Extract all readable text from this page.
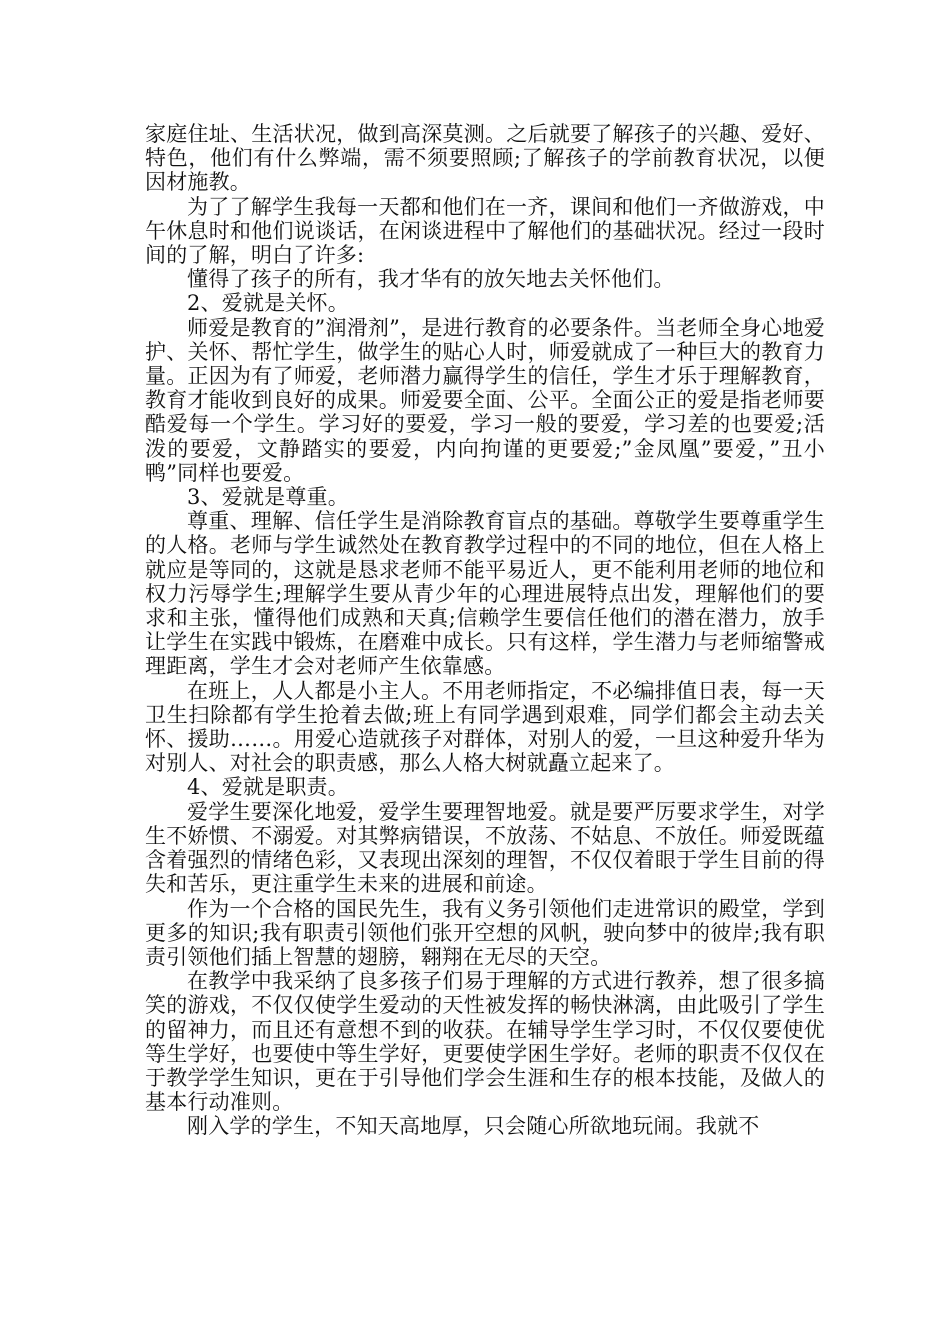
家庭住址、生活状况，做到高深莫测。之后就要了解孩子的兴趣、爱好、特色，他们有什么弊端，需不须要照顾;了解孩子的学前教育状况，以便因材施教。

为了了解学生我每一天都和他们在一齐，课间和他们一齐做游戏，中午休息时和他们说谈话，在闲谈进程中了解他们的基础状况。经过一段时间的了解，明白了许多:

懂得了孩子的所有，我才华有的放矢地去关怀他们。

2、爱就是关怀。

师爱是教育的”润滑剂”，是进行教育的必要条件。当老师全身心地爱护、关怀、帮忙学生，做学生的贴心人时，师爱就成了一种巨大的教育力量。正因为有了师爱，老师潜力赢得学生的信任，学生才乐于理解教育，教育才能收到良好的成果。师爱要全面、公平。全面公正的爱是指老师要酷爱每一个学生。学习好的要爱，学习一般的要爱，学习差的也要爱;活泼的要爱，文静踏实的要爱，内向拘谨的更要爱;”金凤凰”要爱，”丑小鸭”同样也要爱。

3、爱就是尊重。

尊重、理解、信任学生是消除教育盲点的基础。尊敬学生要尊重学生的人格。老师与学生诚然处在教育教学过程中的不同的地位，但在人格上就应是等同的，这就是恳求老师不能平易近人，更不能利用老师的地位和权力污辱学生;理解学生要从青少年的心理进展特点出发，理解他们的要求和主张，懂得他们成熟和天真;信赖学生要信任他们的潜在潜力，放手让学生在实践中锻炼，在磨难中成长。只有这样，学生潜力与老师缩警戒理距离，学生才会对老师产生依靠感。

在班上，人人都是小主人。不用老师指定，不必编排值日表，每一天卫生扫除都有学生抢着去做;班上有同学遇到艰难，同学们都会主动去关怀、援助……。用爱心造就孩子对群体，对别人的爱，一旦这种爱升华为对别人、对社会的职责感，那么人格大树就矗立起来了。

4、爱就是职责。

爱学生要深化地爱，爱学生要理智地爱。就是要严厉要求学生，对学生不娇惯、不溺爱。对其弊病错误，不放荡、不姑息、不放任。师爱既蕴含着强烈的情绪色彩，又表现出深刻的理智，不仅仅着眼于学生目前的得失和苦乐，更注重学生未来的进展和前途。

作为一个合格的国民先生，我有义务引领他们走进常识的殿堂，学到更多的知识;我有职责引领他们张开空想的风帆，驶向梦中的彼岸;我有职责引领他们插上智慧的翅膀，翱翔在无尽的天空。

在教学中我采纳了良多孩子们易于理解的方式进行教养，想了很多搞笑的游戏，不仅仅使学生爱动的天性被发挥的畅快淋漓，由此吸引了学生的留神力，而且还有意想不到的收获。在辅导学生学习时，不仅仅要使优等生学好，也要使中等生学好，更要使学困生学好。老师的职责不仅仅在于教学学生知识，更在于引导他们学会生涯和生存的根本技能，及做人的基本行动准则。

刚入学的学生，不知天高地厚，只会随心所欲地玩闹。我就不
